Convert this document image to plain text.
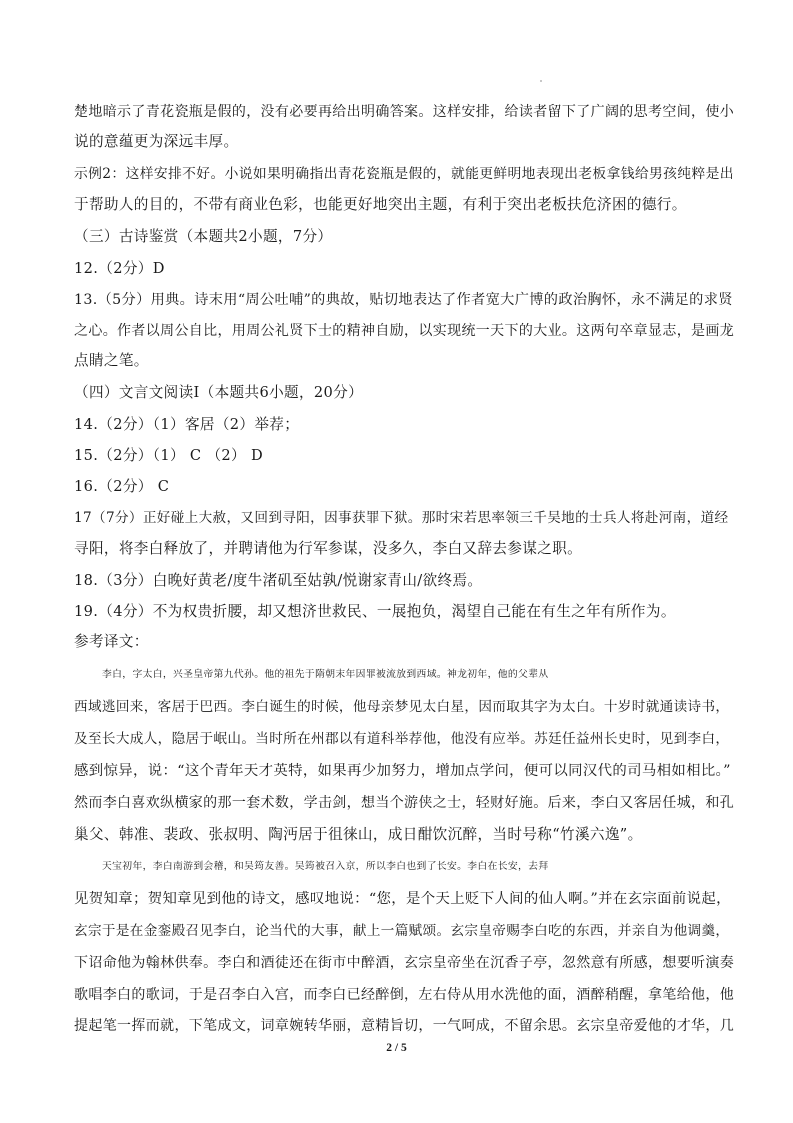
楚地暗示了青花瓷瓶是假的，没有必要再给出明确答案。这样安排，给读者留下了广阔的思考空间，使小
说的意蕴更为深远丰厚。
示例2：这样安排不好。小说如果明确指出青花瓷瓶是假的，就能更鲜明地表现出老板拿钱给男孩纯粹是出
于帮助人的目的，不带有商业色彩，也能更好地突出主题，有利于突出老板扶危济困的德行。
（三）古诗鉴赏（本题共2小题，7分）
12.（2分）D
13.（5分）用典。诗末用“周公吐哺”的典故，贴切地表达了作者宽大广博的政治胸怀，永不满足的求贤
之心。作者以周公自比，用周公礼贤下士的精神自励，以实现统一天下的大业。这两句卒章显志，是画龙
点睛之笔。
（四）文言文阅读Ⅰ（本题共6小题，20分）
14.（2分）（1）客居（2）举荐；
15.（2分）（1） C （2） D
16.（2分） C
17（7分）正好碰上大赦，又回到寻阳，因事获罪下狱。那时宋若思率领三千吴地的士兵人将赴河南，道经
寻阳，将李白释放了，并聘请他为行军参谋，没多久，李白又辞去参谋之职。
18.（3分）白晚好黄老/度牛渚矶至姑孰/悦谢家青山/欲终焉。
19.（4分）不为权贵折腰，却又想济世救民、一展抱负，渴望自己能在有生之年有所作为。
参考译文：
李白，字太白，兴圣皇帝第九代孙。他的祖先于隋朝末年因罪被流放到西域。神龙初年，他的父辈从
西域逃回来，客居于巴西。李白诞生的时候，他母亲梦见太白星，因而取其字为太白。十岁时就通读诗书，
及至长大成人，隐居于岷山。当时所在州郡以有道科举荐他，他没有应举。苏廷任益州长史时，见到李白，
感到惊异，说：“这个青年天才英特，如果再少加努力，增加点学问，便可以同汉代的司马相如相比。”
然而李白喜欢纵横家的那一套术数，学击剑，想当个游侠之士，轻财好施。后来，李白又客居任城，和孔
巢父、韩准、裴政、张叔明、陶沔居于徂徕山，成日酣饮沉醉，当时号称“竹溪六逸”。
天宝初年，李白南游到会稽，和吴筠友善。吴筠被召入京，所以李白也到了长安。李白在长安，去拜
见贺知章；贺知章见到他的诗文，感叹地说：“您，是个天上贬下人间的仙人啊。”并在玄宗面前说起，
玄宗于是在金銮殿召见李白，论当代的大事，献上一篇赋颂。玄宗皇帝赐李白吃的东西，并亲自为他调羹，
下诏命他为翰林供奉。李白和酒徒还在街市中醉酒，玄宗皇帝坐在沉香子亭，忽然意有所感，想要听演奏
歌唱李白的歌词，于是召李白入宫，而李白已经醉倒，左右侍从用水洗他的面，酒醉稍醒，拿笔给他，他
提起笔一挥而就，下笔成文，词章婉转华丽，意精旨切，一气呵成，不留余思。玄宗皇帝爱他的才华，几
2 / 5
